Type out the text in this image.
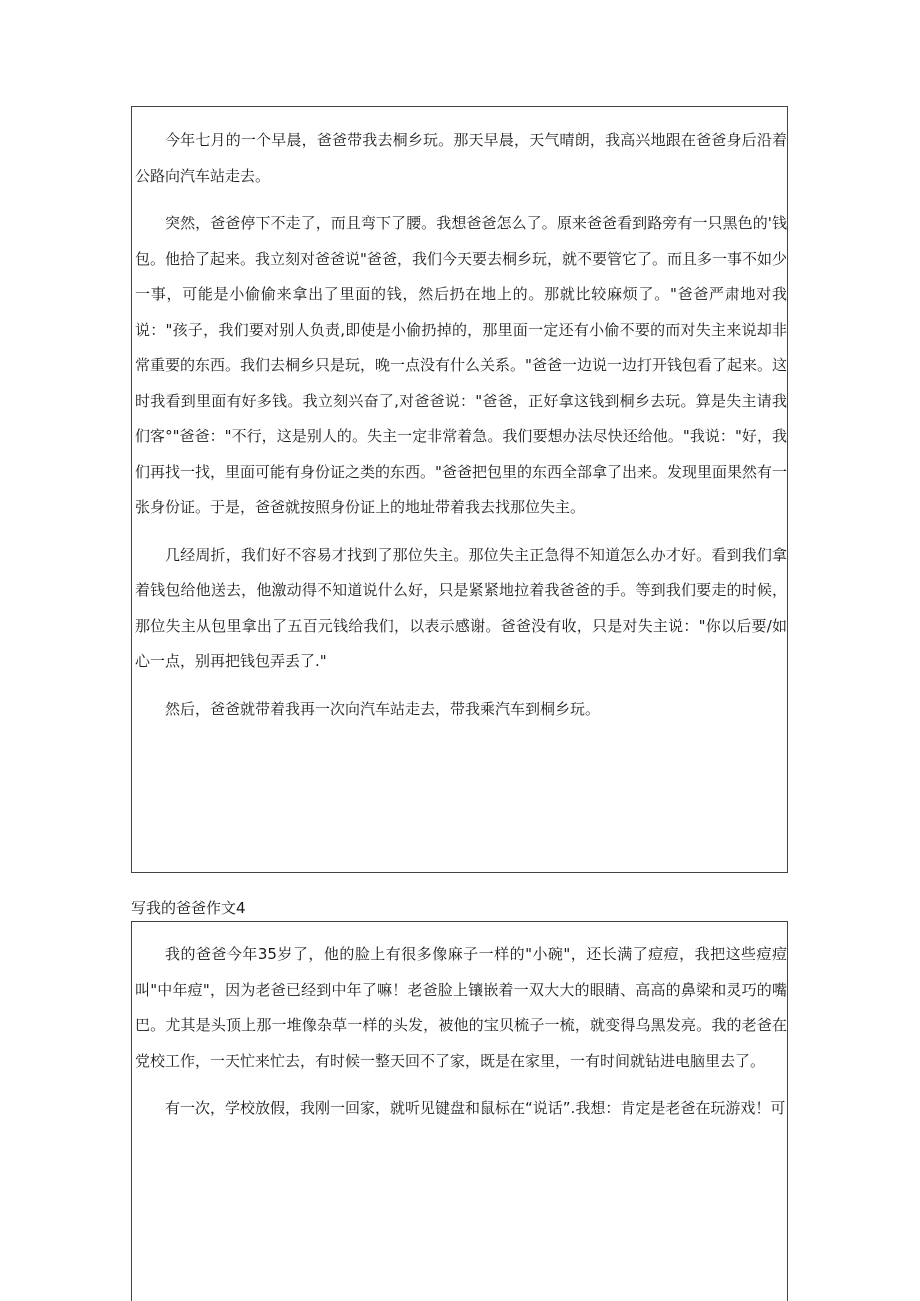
今年七月的一个早晨，爸爸带我去桐乡玩。那天早晨，天气晴朗，我高兴地跟在爸爸身后沿着公路向汽车站走去。

突然，爸爸停下不走了，而且弯下了腰。我想爸爸怎么了。原来爸爸看到路旁有一只黑色的'钱包。他拾了起来。我立刻对爸爸说"爸爸，我们今天要去桐乡玩，就不要管它了。而且多一事不如少一事，可能是小偷偷来拿出了里面的钱，然后扔在地上的。那就比较麻烦了。"爸爸严肃地对我说："孩子，我们要对别人负责,即使是小偷扔掉的，那里面一定还有小偷不要的而对失主来说却非常重要的东西。我们去桐乡只是玩，晚一点没有什么关系。"爸爸一边说一边打开钱包看了起来。这时我看到里面有好多钱。我立刻兴奋了,对爸爸说："爸爸，正好拿这钱到桐乡去玩。算是失主请我们客°"爸爸："不行，这是别人的。失主一定非常着急。我们要想办法尽快还给他。"我说："好，我们再找一找，里面可能有身份证之类的东西。"爸爸把包里的东西全部拿了出来。发现里面果然有一张身份证。于是，爸爸就按照身份证上的地址带着我去找那位失主。

几经周折，我们好不容易才找到了那位失主。那位失主正急得不知道怎么办才好。看到我们拿着钱包给他送去，他激动得不知道说什么好，只是紧紧地拉着我爸爸的手。等到我们要走的时候，那位失主从包里拿出了五百元钱给我们，以表示感谢。爸爸没有收，只是对失主说："你以后要/如心一点，别再把钱包弄丢了."

然后，爸爸就带着我再一次向汽车站走去，带我乘汽车到桐乡玩。

写我的爸爸作文4

我的爸爸今年35岁了，他的脸上有很多像麻子一样的"小碗"，还长满了痘痘，我把这些痘痘叫"中年痘"，因为老爸已经到中年了嘛！老爸脸上镶嵌着一双大大的眼睛、高高的鼻梁和灵巧的嘴巴。尤其是头顶上那一堆像杂草一样的头发，被他的宝贝梳子一梳，就变得乌黑发亮。我的老爸在党校工作，一天忙来忙去，有时候一整天回不了家，既是在家里，一有时间就钻进电脑里去了。

有一次，学校放假，我刚一回家，就听见键盘和鼠标在“说话”.我想：肯定是老爸在玩游戏！可
